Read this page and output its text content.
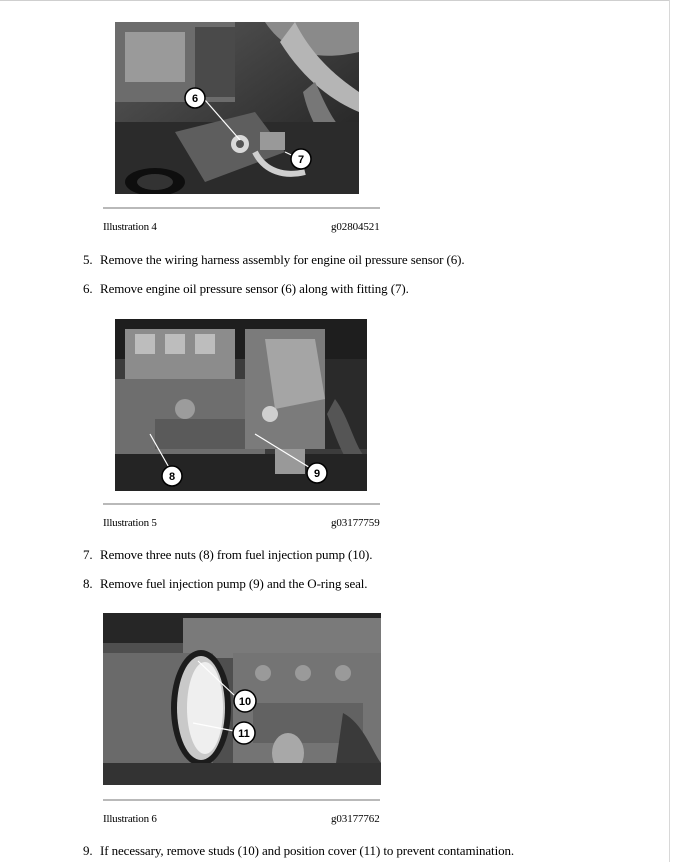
6
7
Illustration 4	g02804521
5. Remove the wiring harness assembly for engine oil pressure sensor (6).
6. Remove engine oil pressure sensor (6) along with fitting (7).
8	9
Illustration 5	g03177759
7. Remove three nuts (8) from fuel injection pump (10).
8. Remove fuel injection pump (9) and the O-ring seal.
10
11
Illustration 6	g03177762
9. If necessary, remove studs (10) and position cover (11) to prevent contamination.
